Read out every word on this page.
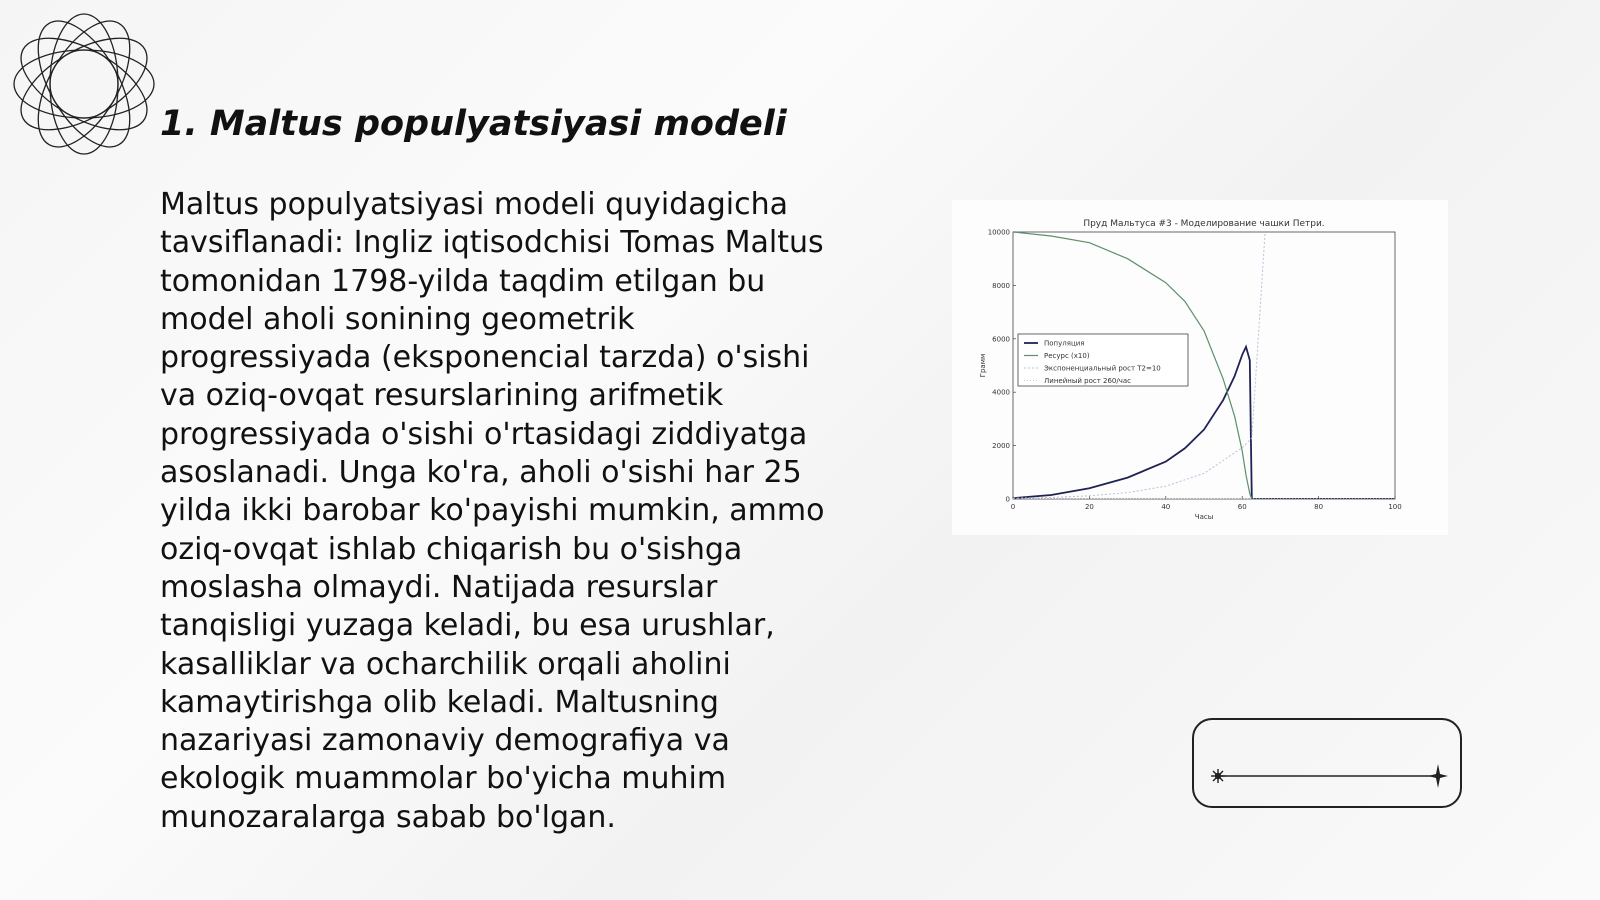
1. Maltus populyatsiyasi modeli

Maltus populyatsiyasi modeli quyidagicha
tavsiflanadi: Ingliz iqtisodchisi Tomas Maltus
tomonidan 1798-yilda taqdim etilgan bu
model aholi sonining geometrik
progressiyada (eksponencial tarzda) o'sishi
va oziq-ovqat resurslarining arifmetik
progressiyada o'sishi o'rtasidagi ziddiyatga
asoslanadi. Unga ko'ra, aholi o'sishi har 25
yilda ikki barobar ko'payishi mumkin, ammo
oziq-ovqat ishlab chiqarish bu o'sishga
moslasha olmaydi. Natijada resurslar
tanqisligi yuzaga keladi, bu esa urushlar,
kasalliklar va ocharchilik orqali aholini
kamaytirishga olib keladi. Maltusning
nazariyasi zamonaviy demografiya va
ekologik muammolar bo'yicha muhim
munozaralarga sabab bo'lgan.

Пруд Мальтуса #3 - Моделирование чашки Петри.
0	20	40	60	80	100
0
2000
4000
6000
8000
10000
Часы
Грамм
Популяция
Ресурс (x10)
Экспоненциальный рост T2=10
Линейный рост 260/час
